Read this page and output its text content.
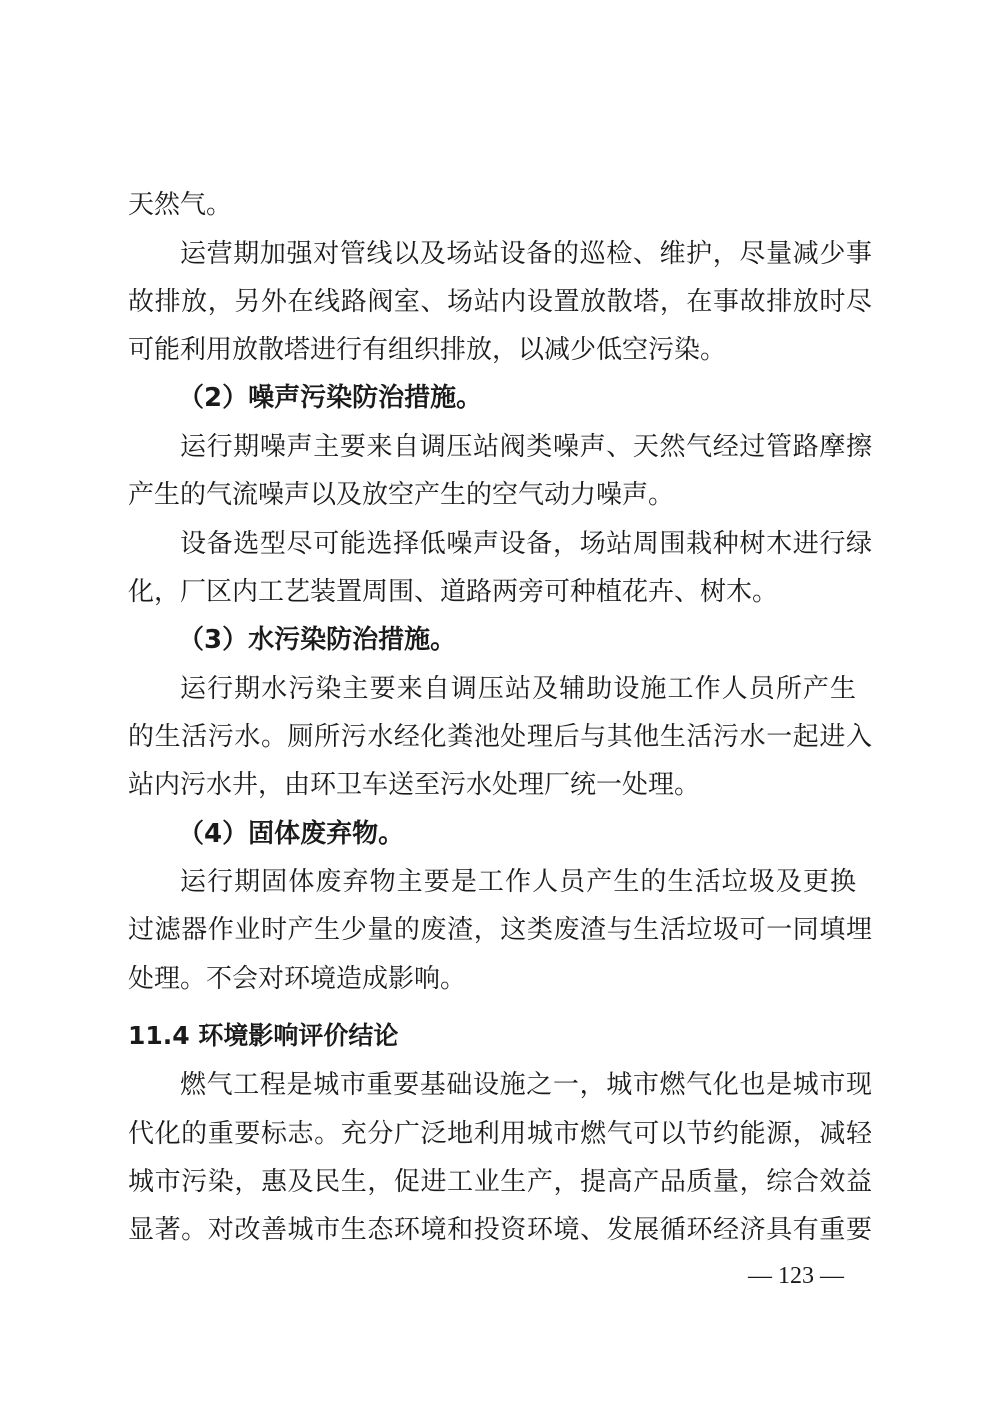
天然气。
运营期加强对管线以及场站设备的巡检、维护，尽量减少事
故排放，另外在线路阀室、场站内设置放散塔，在事故排放时尽
可能利用放散塔进行有组织排放，以减少低空污染。
（2）噪声污染防治措施。
运行期噪声主要来自调压站阀类噪声、天然气经过管路摩擦
产生的气流噪声以及放空产生的空气动力噪声。
设备选型尽可能选择低噪声设备，场站周围栽种树木进行绿
化，厂区内工艺装置周围、道路两旁可种植花卉、树木。
（3）水污染防治措施。
运行期水污染主要来自调压站及辅助设施工作人员所产生
的生活污水。厕所污水经化粪池处理后与其他生活污水一起进入
站内污水井，由环卫车送至污水处理厂统一处理。
（4）固体废弃物。
运行期固体废弃物主要是工作人员产生的生活垃圾及更换
过滤器作业时产生少量的废渣，这类废渣与生活垃圾可一同填埋
处理。不会对环境造成影响。
11.4 环境影响评价结论
燃气工程是城市重要基础设施之一，城市燃气化也是城市现
代化的重要标志。充分广泛地利用城市燃气可以节约能源，减轻
城市污染，惠及民生，促进工业生产，提高产品质量，综合效益
显著。对改善城市生态环境和投资环境、发展循环经济具有重要
— 123 —
